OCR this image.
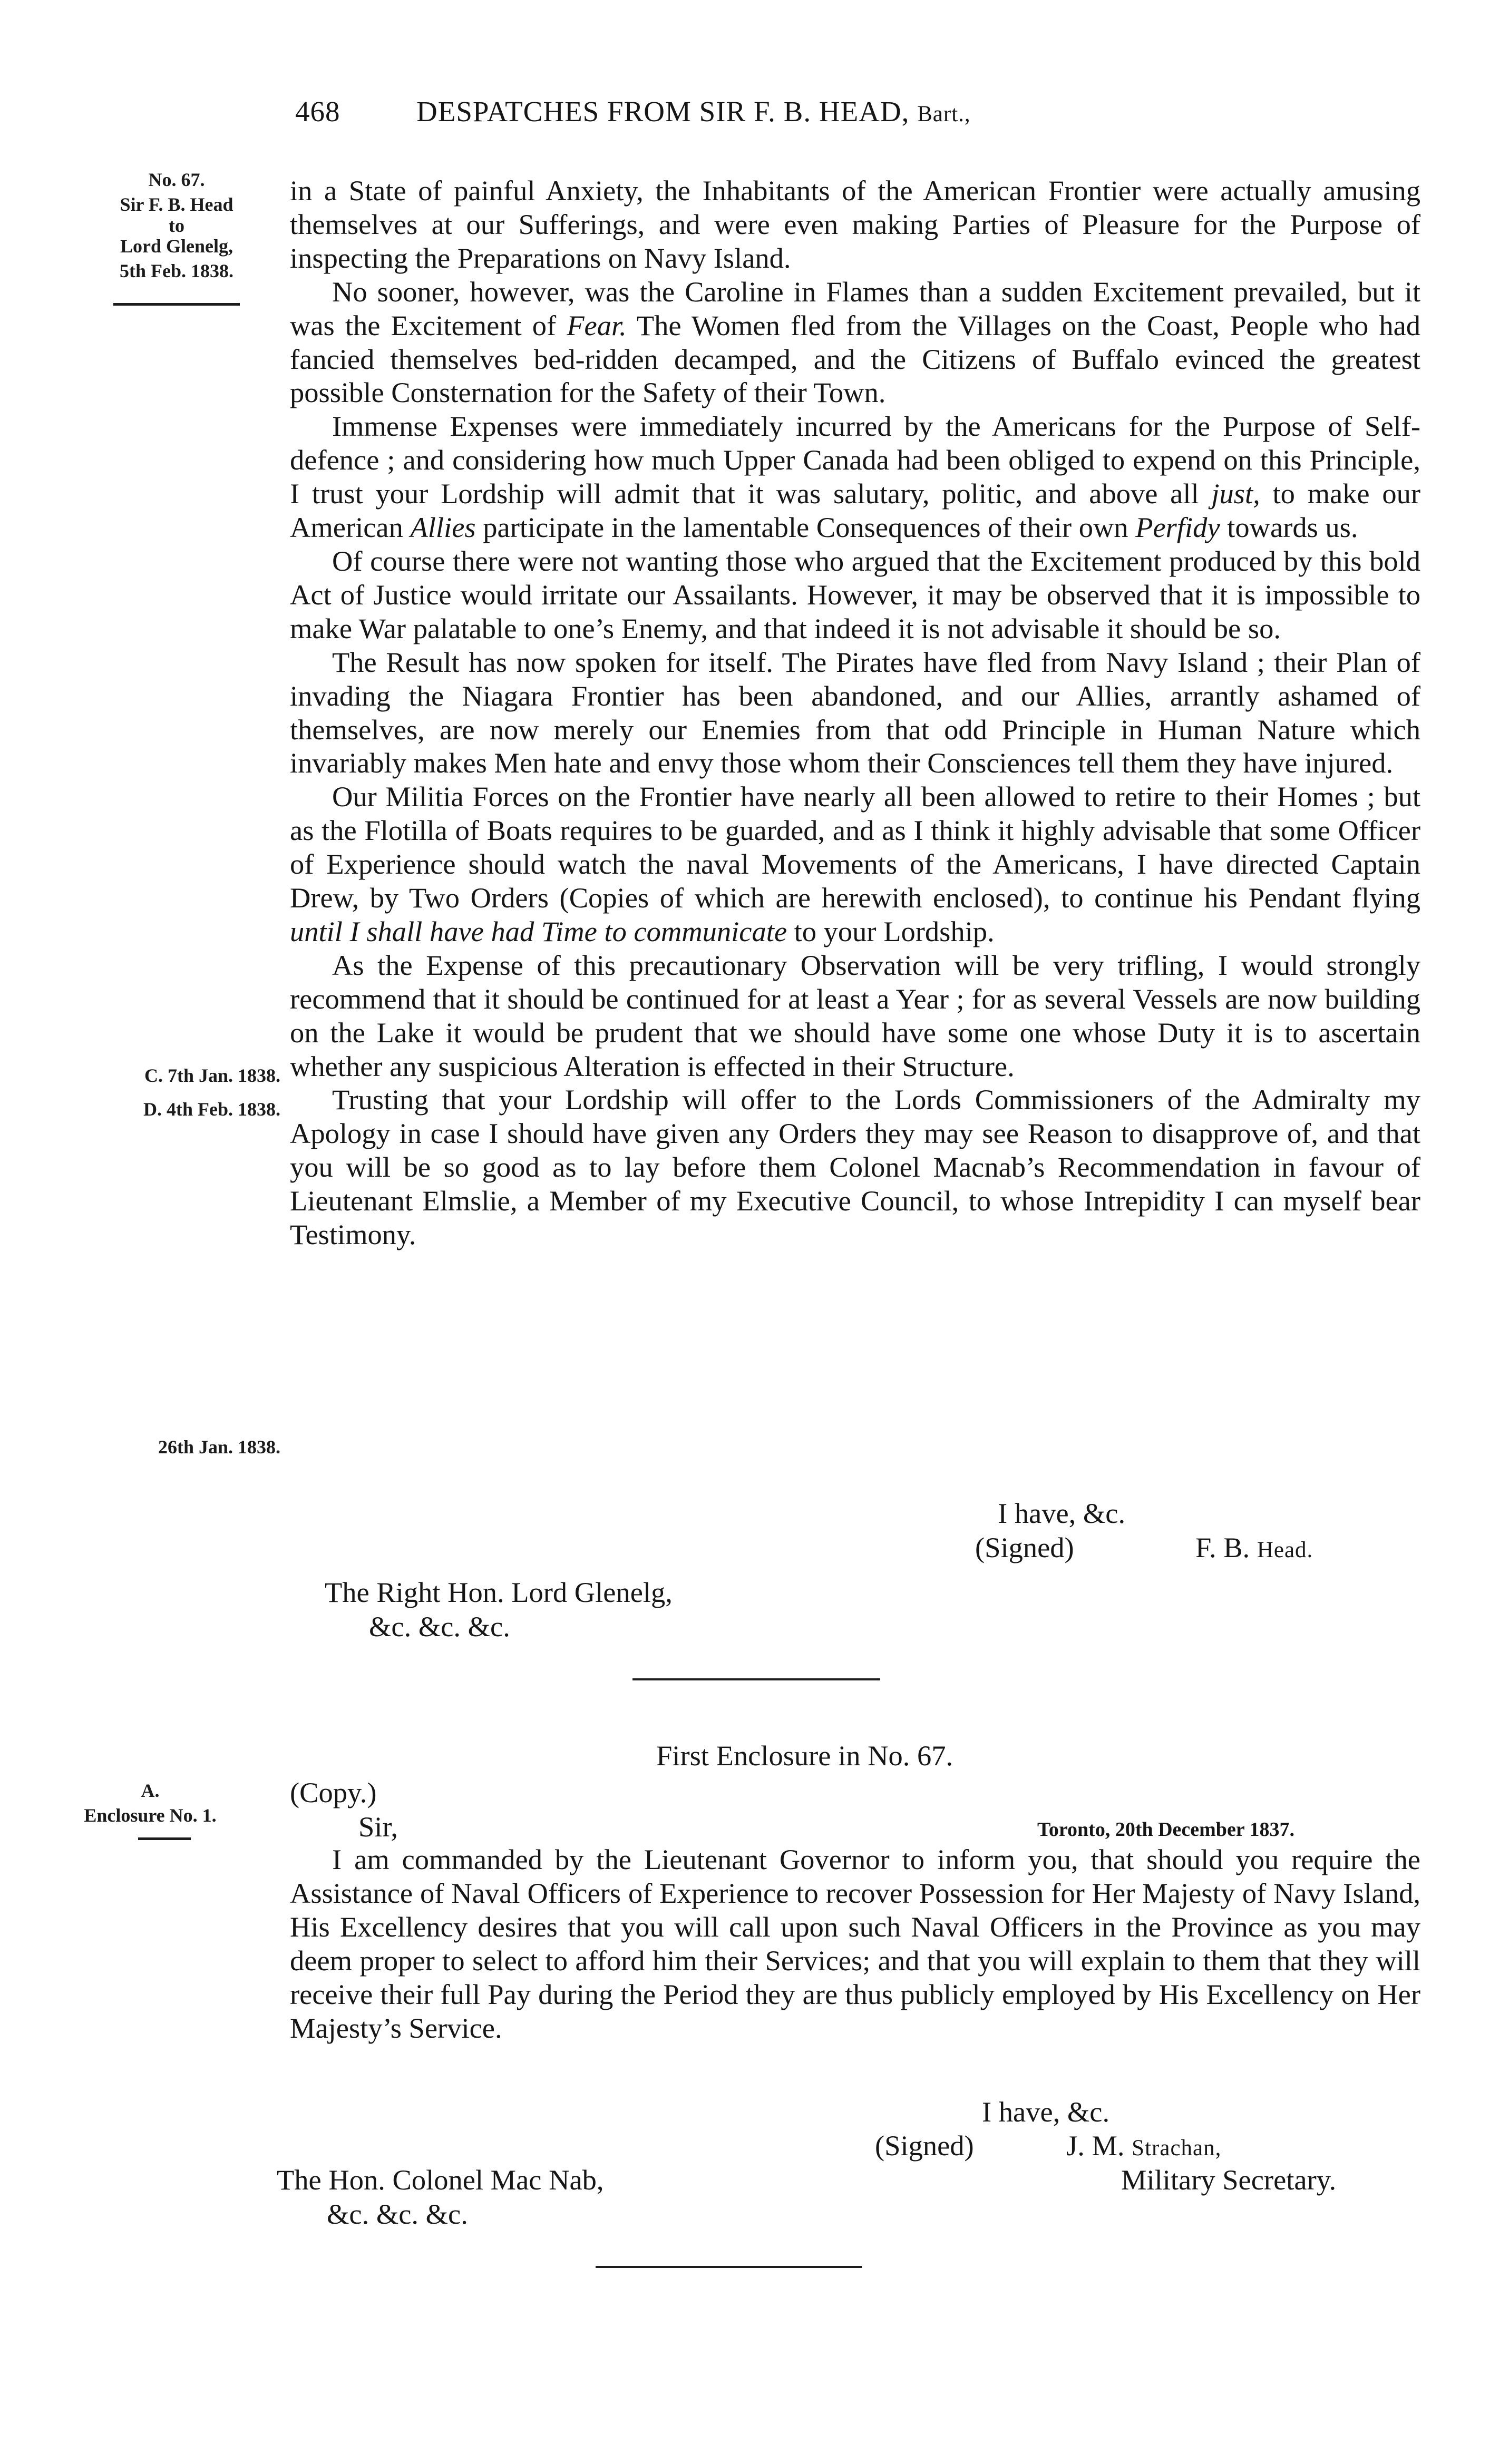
468	DESPATCHES FROM SIR F. B. HEAD, Bart.,
No. 67.
Sir F. B. Head
to
Lord Glenelg,
5th Feb. 1838.
C. 7th Jan. 1838.
D. 4th Feb. 1838.
26th Jan. 1838.

in a State of painful Anxiety, the Inhabitants of the American Frontier were actually amusing themselves at our Sufferings, and were even making Parties of Pleasure for the Purpose of inspecting the Preparations on Navy Island.

No sooner, however, was the Caroline in Flames than a sudden Excitement prevailed, but it was the Excitement of Fear. The Women fled from the Villages on the Coast, People who had fancied themselves bed-ridden decamped, and the Citizens of Buffalo evinced the greatest possible Consternation for the Safety of their Town.

Immense Expenses were immediately incurred by the Americans for the Purpose of Self-defence ; and considering how much Upper Canada had been obliged to expend on this Principle, I trust your Lordship will admit that it was salutary, politic, and above all just, to make our American Allies participate in the lamentable Consequences of their own Perfidy towards us.

Of course there were not wanting those who argued that the Excitement produced by this bold Act of Justice would irritate our Assailants. However, it may be observed that it is impossible to make War palatable to one’s Enemy, and that indeed it is not advisable it should be so.

The Result has now spoken for itself. The Pirates have fled from Navy Island ; their Plan of invading the Niagara Frontier has been abandoned, and our Allies, arrantly ashamed of themselves, are now merely our Enemies from that odd Principle in Human Nature which invariably makes Men hate and envy those whom their Consciences tell them they have injured.

Our Militia Forces on the Frontier have nearly all been allowed to retire to their Homes ; but as the Flotilla of Boats requires to be guarded, and as I think it highly advisable that some Officer of Experience should watch the naval Movements of the Americans, I have directed Captain Drew, by Two Orders (Copies of which are herewith enclosed), to continue his Pendant flying until I shall have had Time to communicate to your Lordship.

As the Expense of this precautionary Observation will be very trifling, I would strongly recommend that it should be continued for at least a Year ; for as several Vessels are now building on the Lake it would be prudent that we should have some one whose Duty it is to ascertain whether any suspicious Alteration is effected in their Structure.

Trusting that your Lordship will offer to the Lords Commissioners of the Admiralty my Apology in case I should have given any Orders they may see Reason to disapprove of, and that you will be so good as to lay before them Colonel Macnab’s Recommendation in favour of Lieutenant Elmslie, a Member of my Executive Council, to whose Intrepidity I can myself bear Testimony.

I have, &c.
(Signed)	F. B. Head.
The Right Hon. Lord Glenelg,
&c. &c. &c.
First Enclosure in No. 67.
A.
Enclosure No. 1.
(Copy.)
Sir,	Toronto, 20th December 1837.

I am commanded by the Lieutenant Governor to inform you, that should you require the Assistance of Naval Officers of Experience to recover Possession for Her Majesty of Navy Island, His Excellency desires that you will call upon such Naval Officers in the Province as you may deem proper to select to afford him their Services; and that you will explain to them that they will receive their full Pay during the Period they are thus publicly employed by His Excellency on Her Majesty’s Service.

I have, &c.
(Signed)	J. M. Strachan,
The Hon. Colonel Mac Nab,	Military Secretary.
&c. &c. &c.
